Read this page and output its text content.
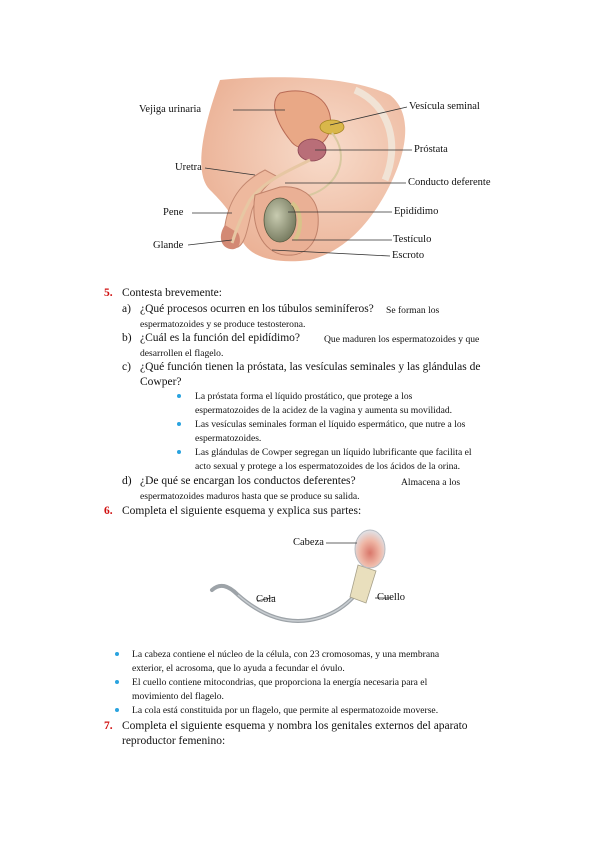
Vejiga urinaria	Vesícula seminal
Próstata
Uretra
Conducto deferente
Pene	Epidídimo
Glande
Testículo
Escroto
5. Contesta brevemente:
a) ¿Qué procesos ocurren en los túbulos seminíferos? Se forman los
espermatozoides y se produce testosterona.
b) ¿Cuál es la función del epidídimo?	Que maduren los espermatozoides y que
desarrollen el flagelo.
c) ¿Qué función tienen la próstata, las vesículas seminales y las glándulas de
Cowper?
La próstata forma el líquido prostático, que protege a los
espermatozoides de la acidez de la vagina y aumenta su movilidad.
Las vesículas seminales forman el líquido espermático, que nutre a los
espermatozoides.
Las glándulas de Cowper segregan un líquido lubrificante que facilita el
acto sexual y protege a los espermatozoides de los ácidos de la orina.
d) ¿De qué se encargan los conductos deferentes?	Almacena a los
espermatozoides maduros hasta que se produce su salida.
6. Completa el siguiente esquema y explica sus partes:
Cabeza
Cuello
Cola
La cabeza contiene el núcleo de la célula, con 23 cromosomas, y una membrana
exterior, el acrosoma, que lo ayuda a fecundar el óvulo.
El cuello contiene mitocondrias, que proporciona la energía necesaria para el
movimiento del flagelo.
La cola está constituida por un flagelo, que permite al espermatozoide moverse.
7. Completa el siguiente esquema y nombra los genitales externos del aparato
reproductor femenino:
